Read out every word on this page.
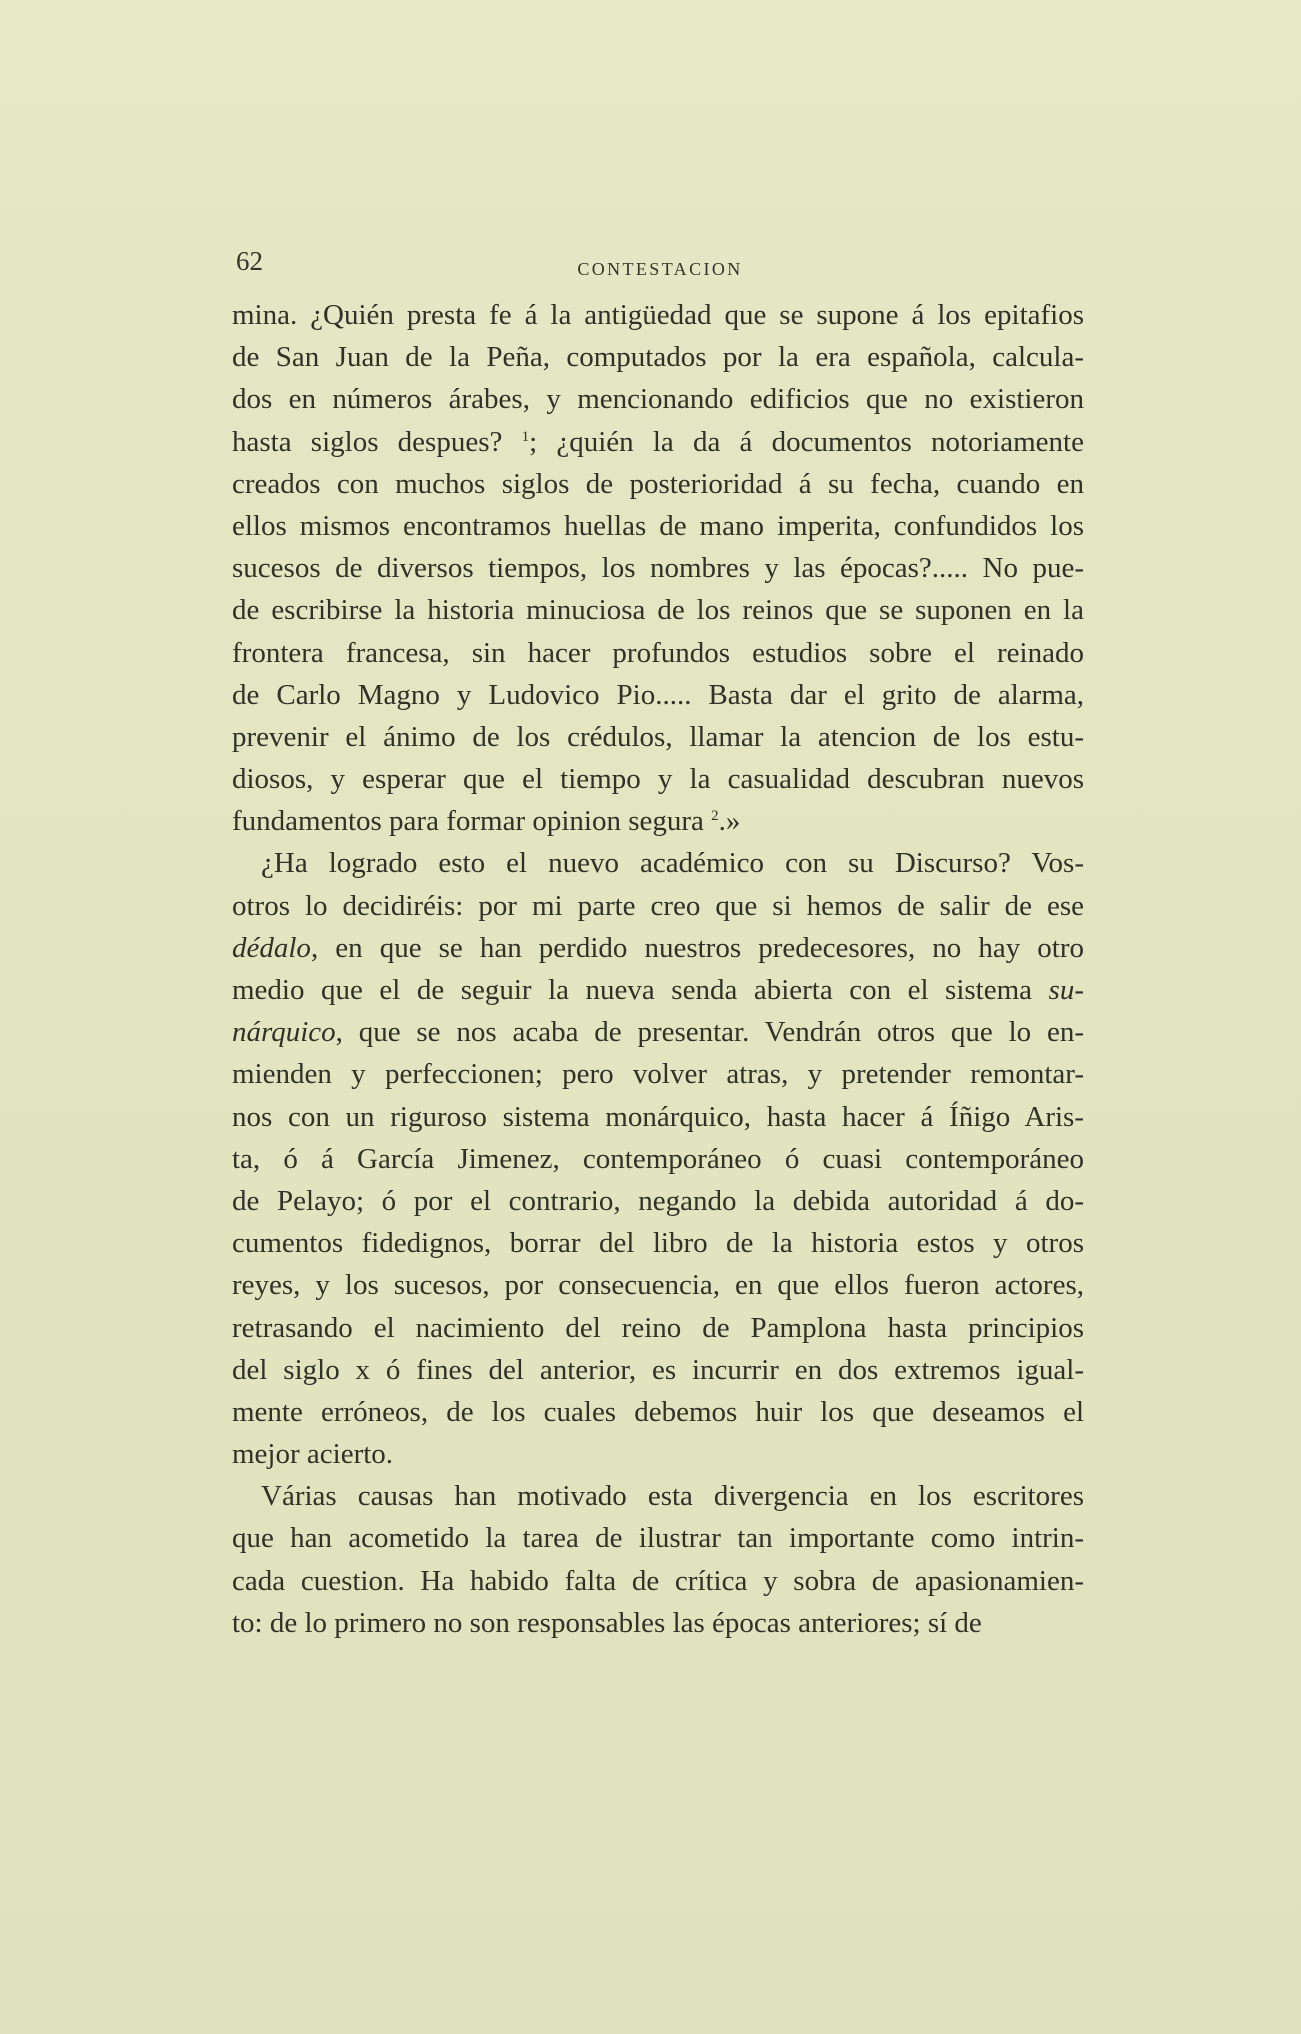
62	CONTESTACION
mina. ¿Quién presta fe á la antigüedad que se supone á los epitafios
de San Juan de la Peña, computados por la era española, calcula-
dos en números árabes, y mencionando edificios que no existieron
hasta siglos despues? $^1$; ¿quién la da á documentos notoriamente
creados con muchos siglos de posterioridad á su fecha, cuando en
ellos mismos encontramos huellas de mano imperita, confundidos los
sucesos de diversos tiempos, los nombres y las épocas?..... No pue-
de escribirse la historia minuciosa de los reinos que se suponen en la
frontera francesa, sin hacer profundos estudios sobre el reinado
de Carlo Magno y Ludovico Pio..... Basta dar el grito de alarma,
prevenir el ánimo de los crédulos, llamar la atencion de los estu-
diosos, y esperar que el tiempo y la casualidad descubran nuevos
fundamentos para formar opinion segura $^2$.»
¿Ha logrado esto el nuevo académico con su Discurso? Vos-
otros lo decidiréis: por mi parte creo que si hemos de salir de ese
dédalo, en que se han perdido nuestros predecesores, no hay otro
medio que el de seguir la nueva senda abierta con el sistema su-
nárquico, que se nos acaba de presentar. Vendrán otros que lo en-
mienden y perfeccionen; pero volver atras, y pretender remontar-
nos con un riguroso sistema monárquico, hasta hacer á Íñigo Aris-
ta, ó á García Jimenez, contemporáneo ó cuasi contemporáneo
de Pelayo; ó por el contrario, negando la debida autoridad á do-
cumentos fidedignos, borrar del libro de la historia estos y otros
reyes, y los sucesos, por consecuencia, en que ellos fueron actores,
retrasando el nacimiento del reino de Pamplona hasta principios
del siglo x ó fines del anterior, es incurrir en dos extremos igual-
mente erróneos, de los cuales debemos huir los que deseamos el
mejor acierto.
Várias causas han motivado esta divergencia en los escritores
que han acometido la tarea de ilustrar tan importante como intrin-
cada cuestion. Ha habido falta de crítica y sobra de apasionamien-
to: de lo primero no son responsables las épocas anteriores; sí de
